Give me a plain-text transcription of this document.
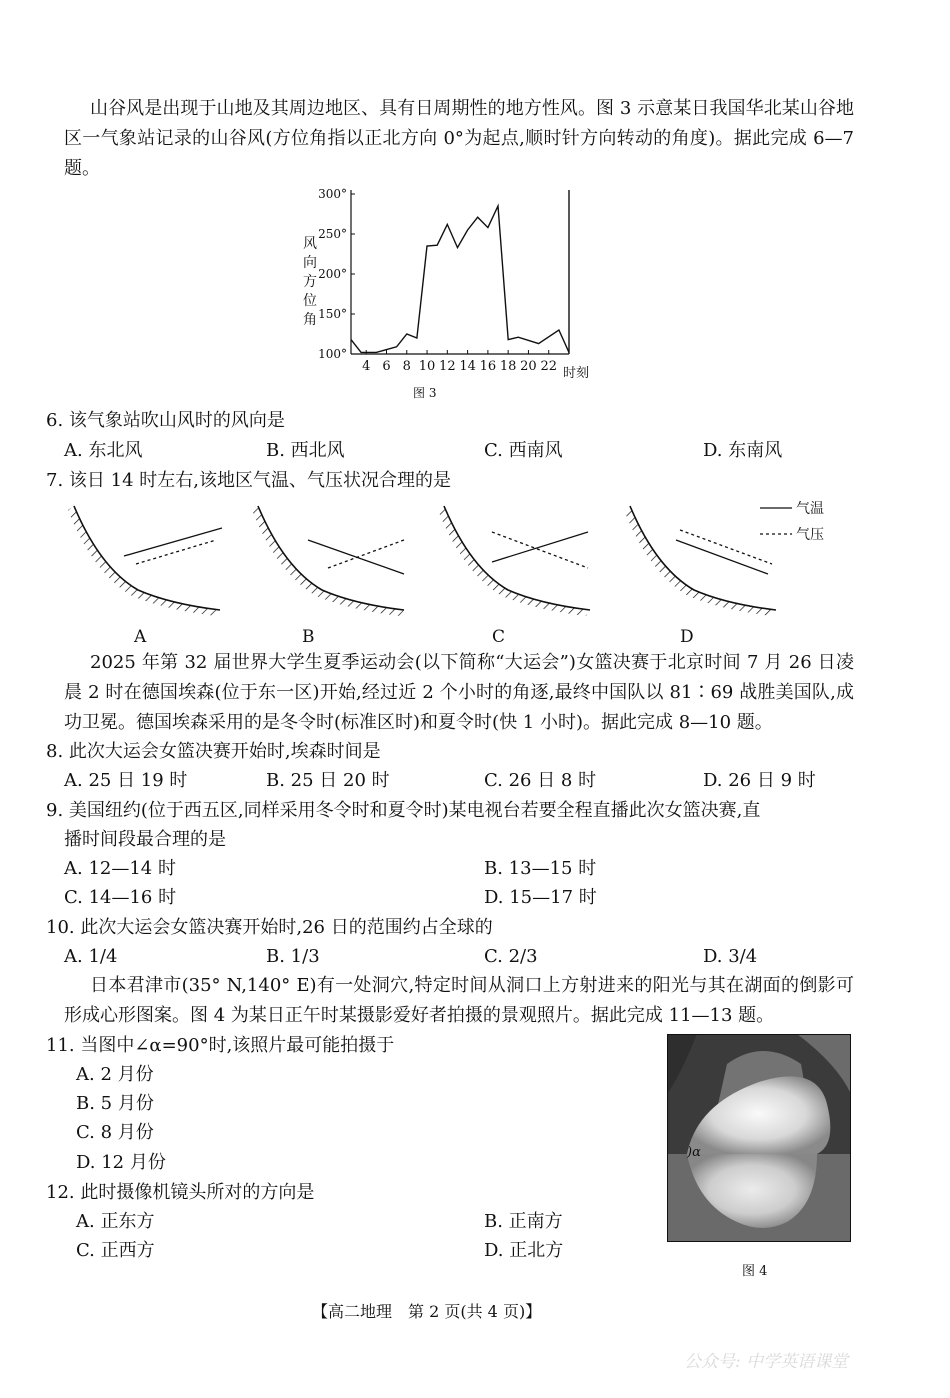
山谷风是出现于山地及其周边地区、具有日周期性的地方性风。图 3 示意某日我国华北某山谷地区一气象站记录的山谷风(方位角指以正北方向 0°为起点,顺时针方向转动的角度)。据此完成 6—7 题。
100°
150°
200°
250°
300°
4 6 8 10 12 14 16 18 20 22
风
向
方
位
角
时刻
图 3
6. 该气象站吹山风时的风向是
A. 东北风	B. 西北风	C. 西南风	D. 东南风
7. 该日 14 时左右,该地区气温、气压状况合理的是
气温
气压
A	B	C	D
2025 年第 32 届世界大学生夏季运动会(以下简称“大运会”)女篮决赛于北京时间 7 月 26 日凌晨 2 时在德国埃森(位于东一区)开始,经过近 2 个小时的角逐,最终中国队以 81∶69 战胜美国队,成功卫冕。德国埃森采用的是冬令时(标准区时)和夏令时(快 1 小时)。据此完成 8—10 题。
8. 此次大运会女篮决赛开始时,埃森时间是
A. 25 日 19 时	B. 25 日 20 时	C. 26 日 8 时	D. 26 日 9 时
9. 美国纽约(位于西五区,同样采用冬令时和夏令时)某电视台若要全程直播此次女篮决赛,直
播时间段最合理的是
A. 12—14 时	B. 13—15 时
C. 14—16 时	D. 15—17 时
10. 此次大运会女篮决赛开始时,26 日的范围约占全球的
A. 1/4	B. 1/3	C. 2/3	D. 3/4
日本君津市(35° N,140° E)有一处洞穴,特定时间从洞口上方射进来的阳光与其在湖面的倒影可形成心形图案。图 4 为某日正午时某摄影爱好者拍摄的景观照片。据此完成 11—13 题。
11. 当图中∠α=90°时,该照片最可能拍摄于
A. 2 月份
B. 5 月份
C. 8 月份
D. 12 月份
12. 此时摄像机镜头所对的方向是
A. 正东方	B. 正南方
C. 正西方	D. 正北方
)α
图 4
【高二地理　第 2 页(共 4 页)】
公众号: 中学英语课堂
